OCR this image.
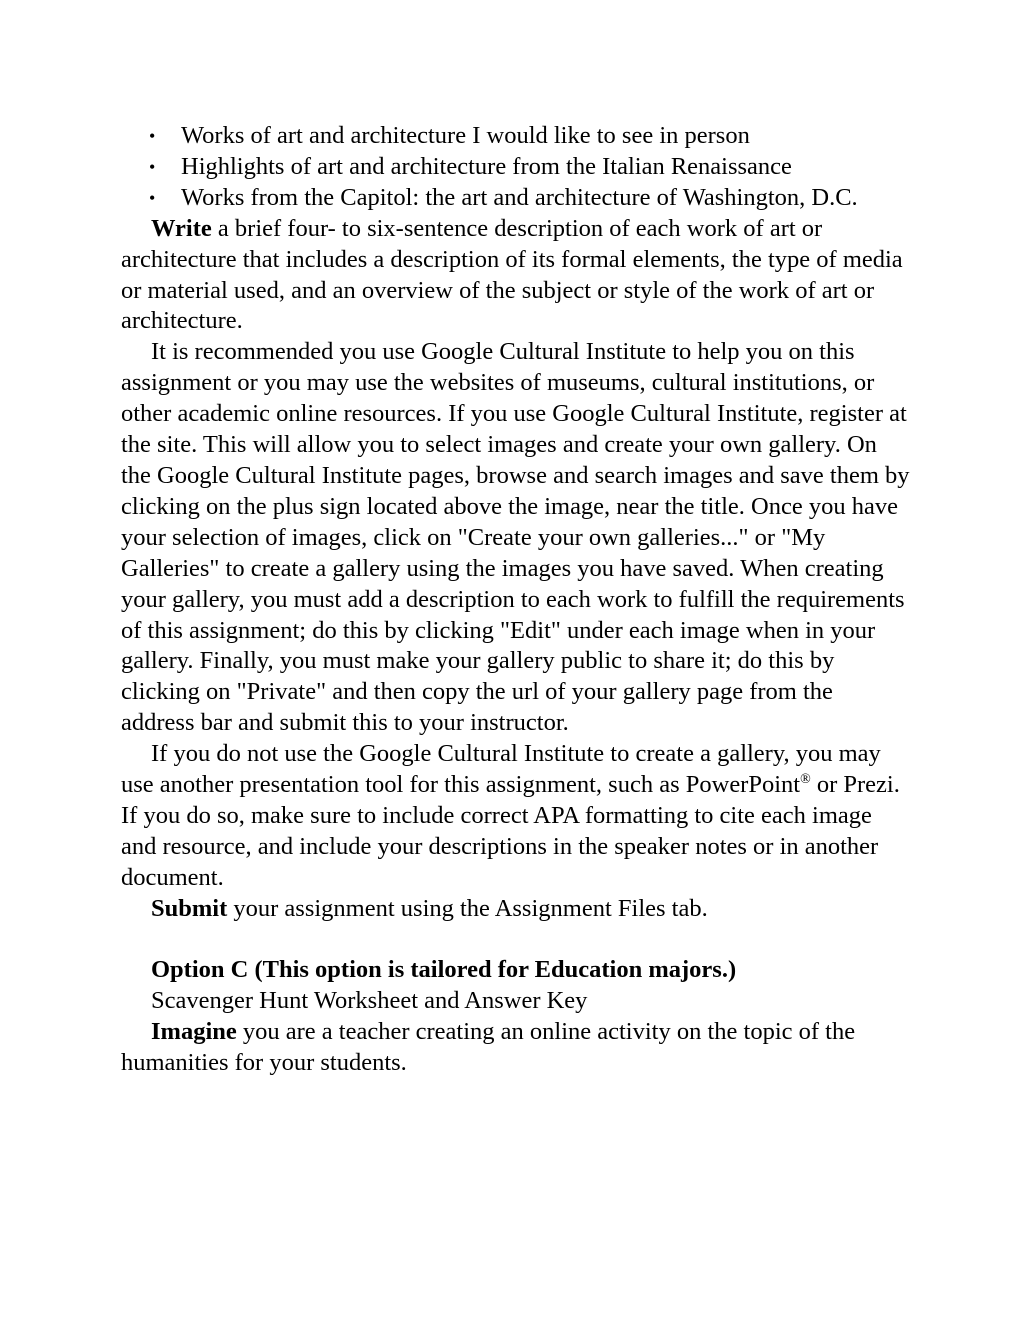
• Works of art and architecture I would like to see in person
• Highlights of art and architecture from the Italian Renaissance
• Works from the Capitol: the art and architecture of Washington, D.C.

Write a brief four- to six-sentence description of each work of art or architecture that includes a description of its formal elements, the type of media or material used, and an overview of the subject or style of the work of art or architecture.

It is recommended you use Google Cultural Institute to help you on this assignment or you may use the websites of museums, cultural institutions, or other academic online resources. If you use Google Cultural Institute, register at the site. This will allow you to select images and create your own gallery. On the Google Cultural Institute pages, browse and search images and save them by clicking on the plus sign located above the image, near the title. Once you have your selection of images, click on "Create your own galleries..." or "My Galleries" to create a gallery using the images you have saved. When creating your gallery, you must add a description to each work to fulfill the requirements of this assignment; do this by clicking "Edit" under each image when in your gallery. Finally, you must make your gallery public to share it; do this by clicking on "Private" and then copy the url of your gallery page from the address bar and submit this to your instructor.

If you do not use the Google Cultural Institute to create a gallery, you may use another presentation tool for this assignment, such as PowerPoint® or Prezi. If you do so, make sure to include correct APA formatting to cite each image and resource, and include your descriptions in the speaker notes or in another document.

Submit your assignment using the Assignment Files tab.

Option C (This option is tailored for Education majors.)

Scavenger Hunt Worksheet and Answer Key

Imagine you are a teacher creating an online activity on the topic of the humanities for your students.
